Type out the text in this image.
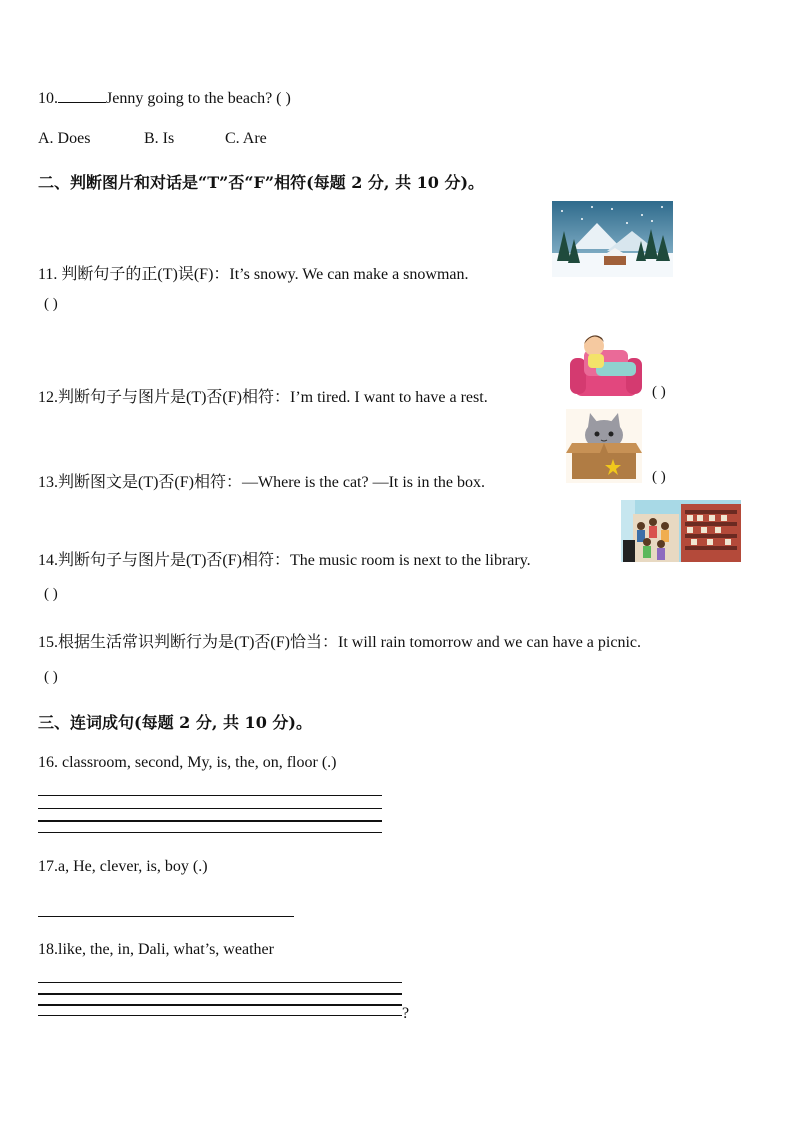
10.	Jenny going to the beach? ( )
A. Does	B. Is	C. Are
二、判断图片和对话是“T”否“F”相符(每题 2 分, 共 10 分)。
11. 判断句子的正(T)误(F)：It’s snowy. We can make a snowman.
( )
12.判断句子与图片是(T)否(F)相符：I’m tired. I want to have a rest.	( )
13.判断图文是(T)否(F)相符：—Where is the cat? —It is in the box.	( )
14.判断句子与图片是(T)否(F)相符：The music room is next to the library.
( )
15.根据生活常识判断行为是(T)否(F)恰当：It will rain tomorrow and we can have a picnic.
( )
三、连词成句(每题 2 分, 共 10 分)。
16. classroom, second, My, is, the, on, floor (.)
17.a, He, clever, is, boy (.)
18.like, the, in, Dali, what’s, weather
?
